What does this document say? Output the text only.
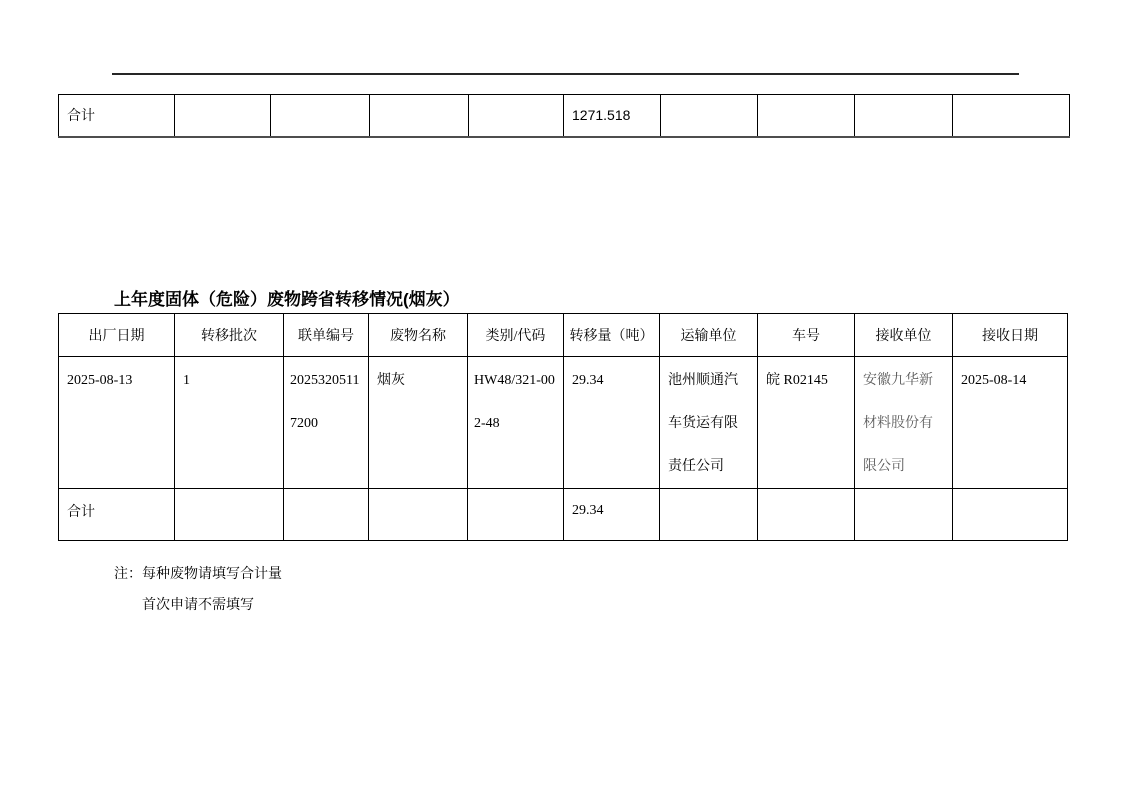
合计					1271.518				
上年度固体（危险）废物跨省转移情况(烟灰）
出厂日期	转移批次	联单编号	废物名称	类别/代码	转移量（吨）	运输单位	车号	接收单位	接收日期
2025-08-13	1	20253205117200	烟灰	HW48/321-002-48	29.34	池州顺通汽车货运有限责任公司	皖 R02145	安徽九华新材料股份有限公司	2025-08-14
合计					29.34				
注：每种废物请填写合计量
首次申请不需填写
